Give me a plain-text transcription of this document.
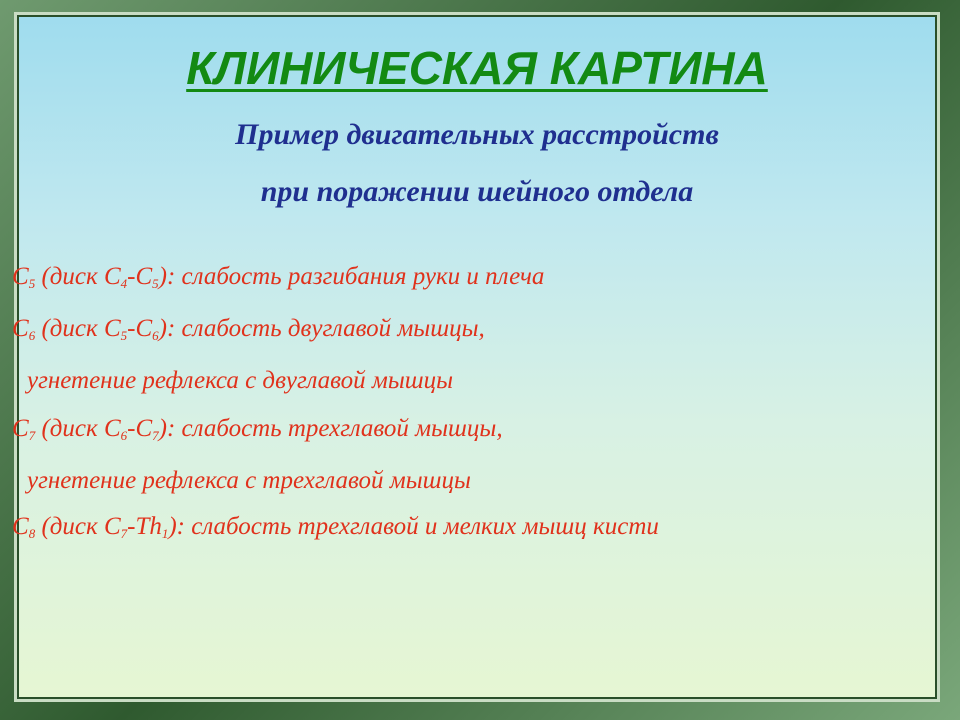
КЛИНИЧЕСКАЯ КАРТИНА
Пример двигательных расстройств
при поражении шейного отдела
$C_5$ (диск $С_4-С_5$): слабость разгибания руки и плеча
$C_6$ (диск $С_5-С_6$): слабость двуглавой мышцы,
угнетение рефлекса с двуглавой мышцы
$C_7$ (диск $С_6-С_7$): слабость трехглавой мышцы,
угнетение рефлекса с трехглавой мышцы
$C_8$ (диск $С_7-Th_1$): слабость трехглавой и мелких мышц кисти
